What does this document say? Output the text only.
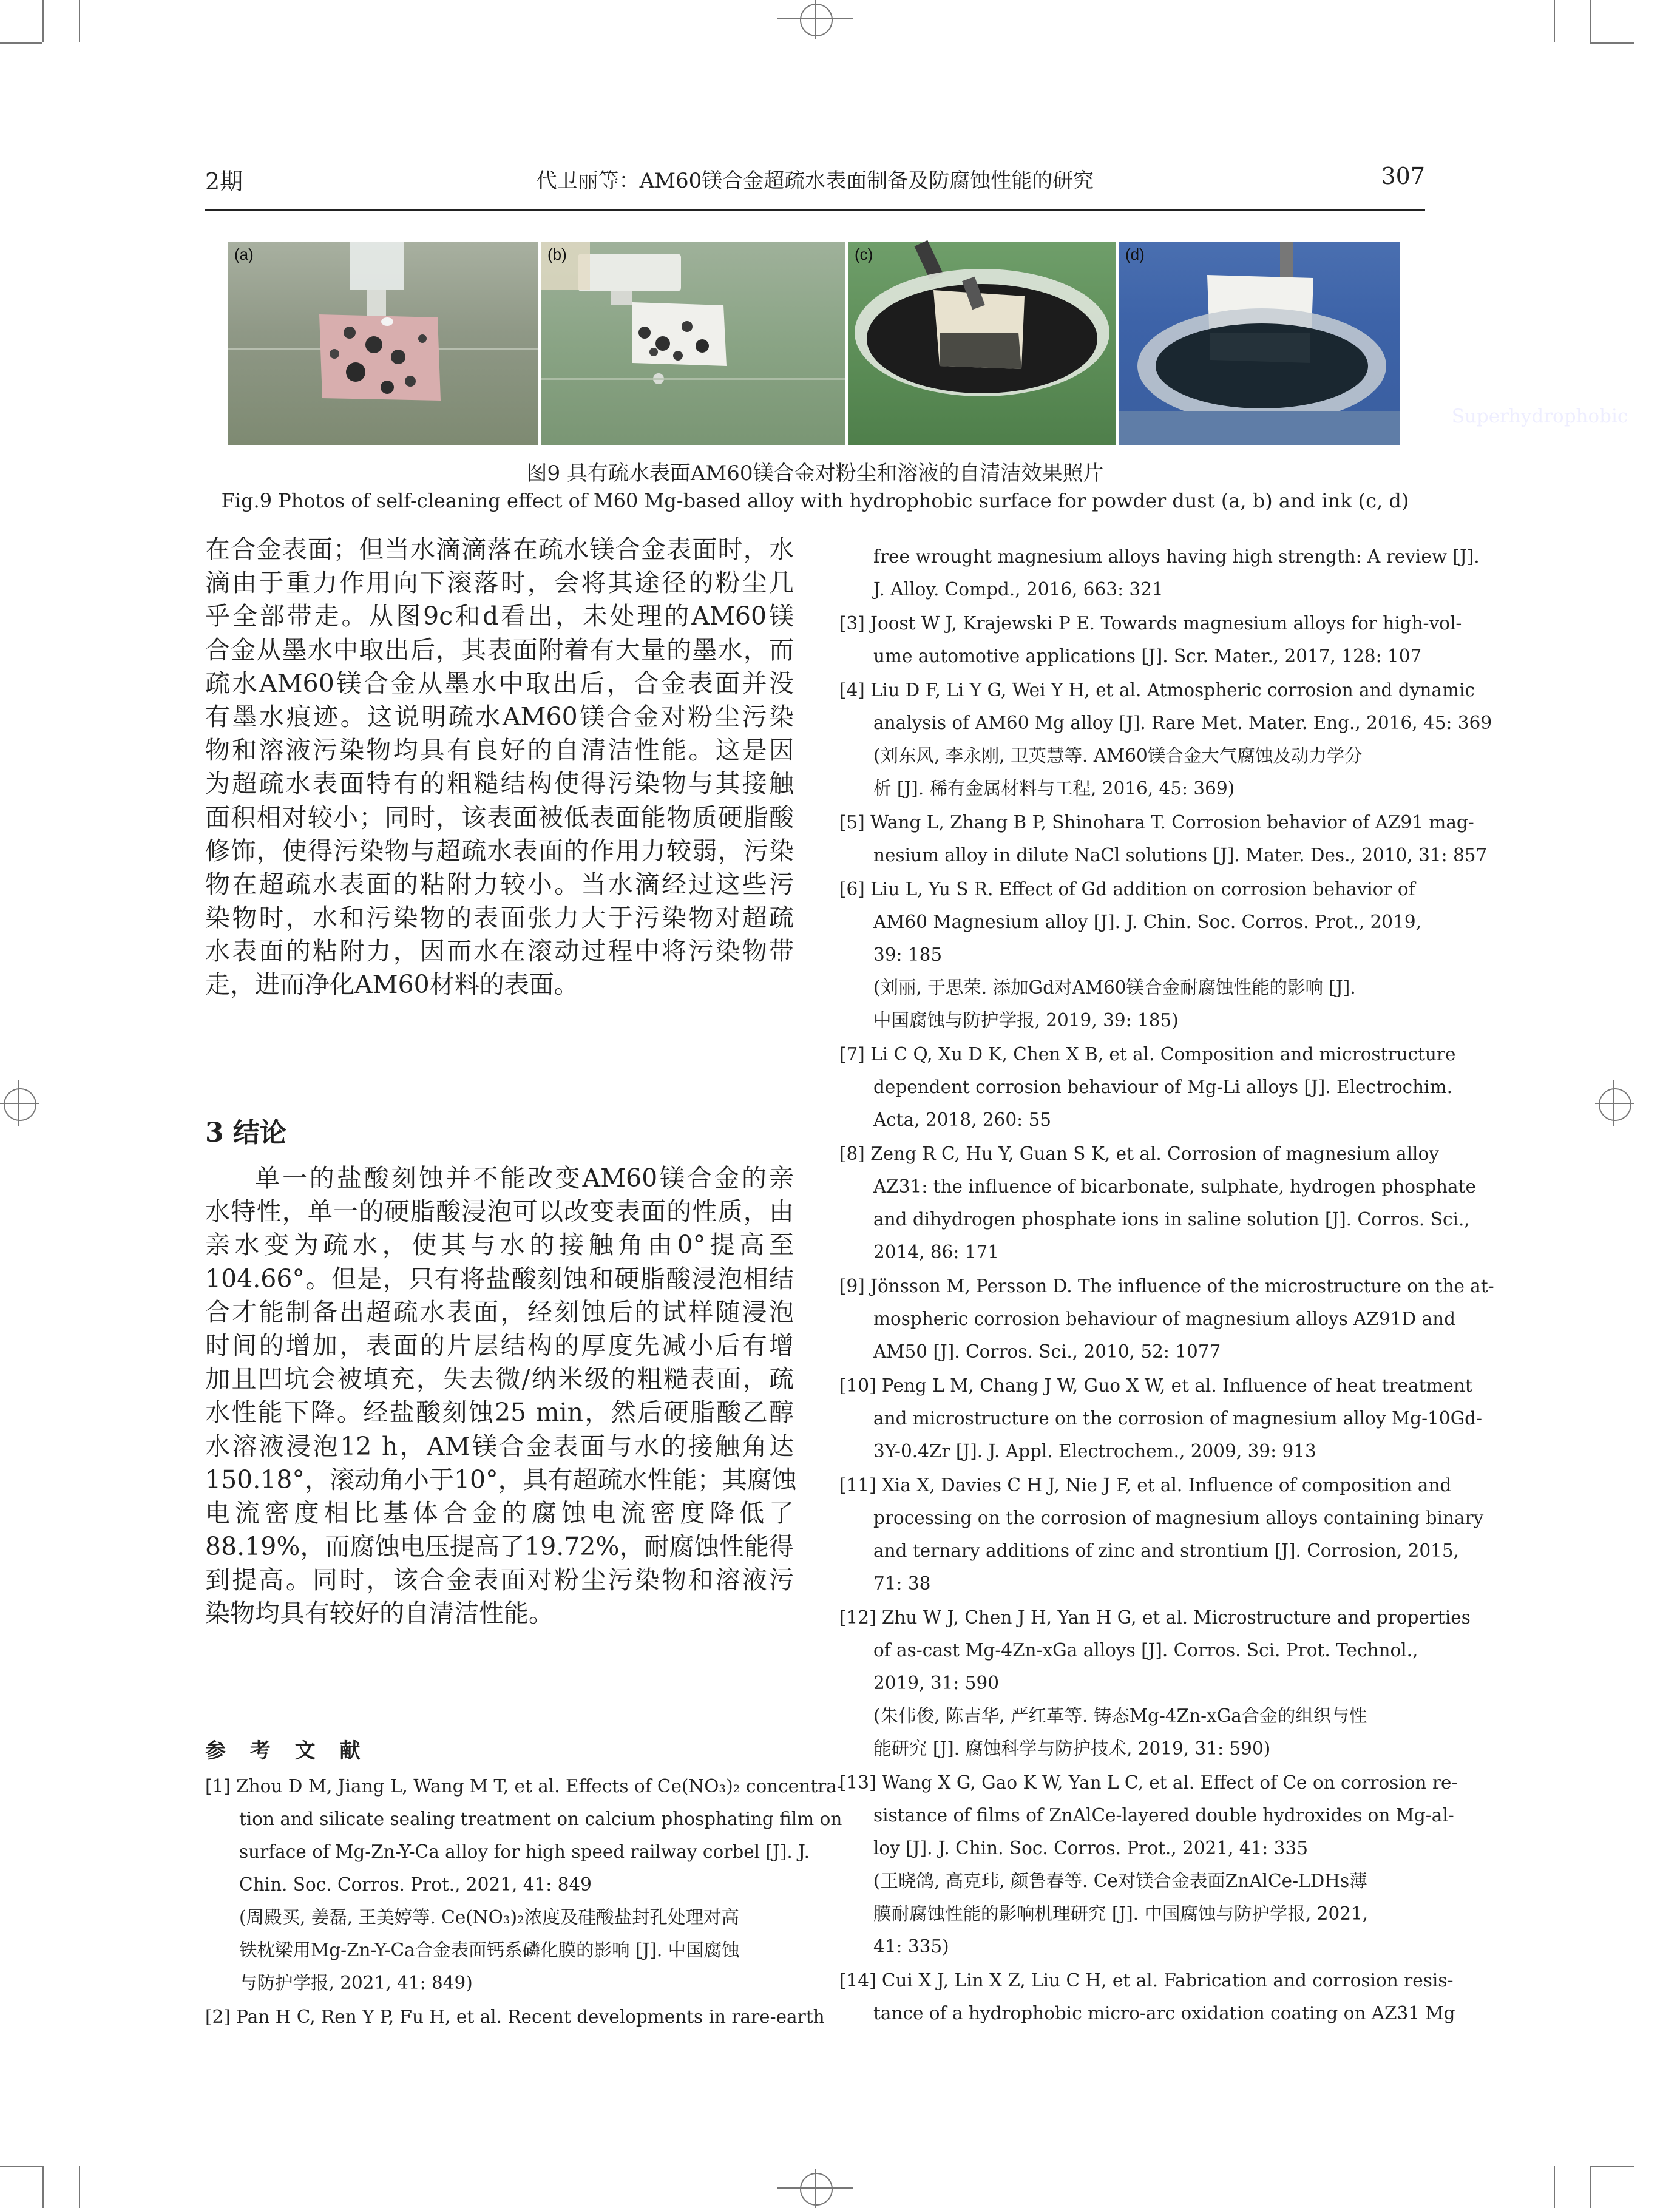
2期	代卫丽等：AM60镁合金超疏水表面制备及防腐蚀性能的研究	307
(a)	(b)	(c)	(d)
Superhydrophobic
图9 具有疏水表面AM60镁合金对粉尘和溶液的自清洁效果照片
Fig.9 Photos of self-cleaning effect of M60 Mg-based alloy with hydrophobic surface for powder dust (a, b) and ink (c, d)
在合金表面；但当水滴滴落在疏水镁合金表面时，水
滴由于重力作用向下滚落时，会将其途径的粉尘几
乎全部带走。从图9c和d看出，未处理的AM60镁
合金从墨水中取出后，其表面附着有大量的墨水，而
疏水AM60镁合金从墨水中取出后，合金表面并没
有墨水痕迹。这说明疏水AM60镁合金对粉尘污染
物和溶液污染物均具有良好的自清洁性能。这是因
为超疏水表面特有的粗糙结构使得污染物与其接触
面积相对较小；同时，该表面被低表面能物质硬脂酸
修饰，使得污染物与超疏水表面的作用力较弱，污染
物在超疏水表面的粘附力较小。当水滴经过这些污
染物时，水和污染物的表面张力大于污染物对超疏
水表面的粘附力，因而水在滚动过程中将污染物带
走，进而净化AM60材料的表面。
3 结论
单一的盐酸刻蚀并不能改变AM60镁合金的亲
水特性，单一的硬脂酸浸泡可以改变表面的性质，由
亲水变为疏水，使其与水的接触角由0°提高至
104.66°。但是，只有将盐酸刻蚀和硬脂酸浸泡相结
合才能制备出超疏水表面，经刻蚀后的试样随浸泡
时间的增加，表面的片层结构的厚度先减小后有增
加且凹坑会被填充，失去微/纳米级的粗糙表面，疏
水性能下降。经盐酸刻蚀25 min，然后硬脂酸乙醇
水溶液浸泡12 h，AM镁合金表面与水的接触角达
150.18°，滚动角小于10°，具有超疏水性能；其腐蚀
电流密度相比基体合金的腐蚀电流密度降低了
88.19%，而腐蚀电压提高了19.72%，耐腐蚀性能得
到提高。同时，该合金表面对粉尘污染物和溶液污
染物均具有较好的自清洁性能。
参 考 文 献
[1] Zhou D M, Jiang L, Wang M T, et al. Effects of Ce(NO₃)₂ concentra-
tion and silicate sealing treatment on calcium phosphating film on
surface of Mg-Zn-Y-Ca alloy for high speed railway corbel [J]. J.
Chin. Soc. Corros. Prot., 2021, 41: 849
(周殿买, 姜磊, 王美婷等. Ce(NO₃)₂浓度及硅酸盐封孔处理对高
铁枕梁用Mg-Zn-Y-Ca合金表面钙系磷化膜的影响 [J]. 中国腐蚀
与防护学报, 2021, 41: 849)
[2] Pan H C, Ren Y P, Fu H, et al. Recent developments in rare-earth
free wrought magnesium alloys having high strength: A review [J].
J. Alloy. Compd., 2016, 663: 321
[3] Joost W J, Krajewski P E. Towards magnesium alloys for high-vol-
ume automotive applications [J]. Scr. Mater., 2017, 128: 107
[4] Liu D F, Li Y G, Wei Y H, et al. Atmospheric corrosion and dynamic
analysis of AM60 Mg alloy [J]. Rare Met. Mater. Eng., 2016, 45: 369
(刘东风, 李永刚, 卫英慧等. AM60镁合金大气腐蚀及动力学分
析 [J]. 稀有金属材料与工程, 2016, 45: 369)
[5] Wang L, Zhang B P, Shinohara T. Corrosion behavior of AZ91 mag-
nesium alloy in dilute NaCl solutions [J]. Mater. Des., 2010, 31: 857
[6] Liu L, Yu S R. Effect of Gd addition on corrosion behavior of
AM60 Magnesium alloy [J]. J. Chin. Soc. Corros. Prot., 2019,
39: 185
(刘丽, 于思荣. 添加Gd对AM60镁合金耐腐蚀性能的影响 [J].
中国腐蚀与防护学报, 2019, 39: 185)
[7] Li C Q, Xu D K, Chen X B, et al. Composition and microstructure
dependent corrosion behaviour of Mg-Li alloys [J]. Electrochim.
Acta, 2018, 260: 55
[8] Zeng R C, Hu Y, Guan S K, et al. Corrosion of magnesium alloy
AZ31: the influence of bicarbonate, sulphate, hydrogen phosphate
and dihydrogen phosphate ions in saline solution [J]. Corros. Sci.,
2014, 86: 171
[9] Jönsson M, Persson D. The influence of the microstructure on the at-
mospheric corrosion behaviour of magnesium alloys AZ91D and
AM50 [J]. Corros. Sci., 2010, 52: 1077
[10] Peng L M, Chang J W, Guo X W, et al. Influence of heat treatment
and microstructure on the corrosion of magnesium alloy Mg-10Gd-
3Y-0.4Zr [J]. J. Appl. Electrochem., 2009, 39: 913
[11] Xia X, Davies C H J, Nie J F, et al. Influence of composition and
processing on the corrosion of magnesium alloys containing binary
and ternary additions of zinc and strontium [J]. Corrosion, 2015,
71: 38
[12] Zhu W J, Chen J H, Yan H G, et al. Microstructure and properties
of as-cast Mg-4Zn-xGa alloys [J]. Corros. Sci. Prot. Technol.,
2019, 31: 590
(朱伟俊, 陈吉华, 严红革等. 铸态Mg-4Zn-xGa合金的组织与性
能研究 [J]. 腐蚀科学与防护技术, 2019, 31: 590)
[13] Wang X G, Gao K W, Yan L C, et al. Effect of Ce on corrosion re-
sistance of films of ZnAlCe-layered double hydroxides on Mg-al-
loy [J]. J. Chin. Soc. Corros. Prot., 2021, 41: 335
(王晓鸽, 高克玮, 颜鲁春等. Ce对镁合金表面ZnAlCe-LDHs薄
膜耐腐蚀性能的影响机理研究 [J]. 中国腐蚀与防护学报, 2021,
41: 335)
[14] Cui X J, Lin X Z, Liu C H, et al. Fabrication and corrosion resis-
tance of a hydrophobic micro-arc oxidation coating on AZ31 Mg
